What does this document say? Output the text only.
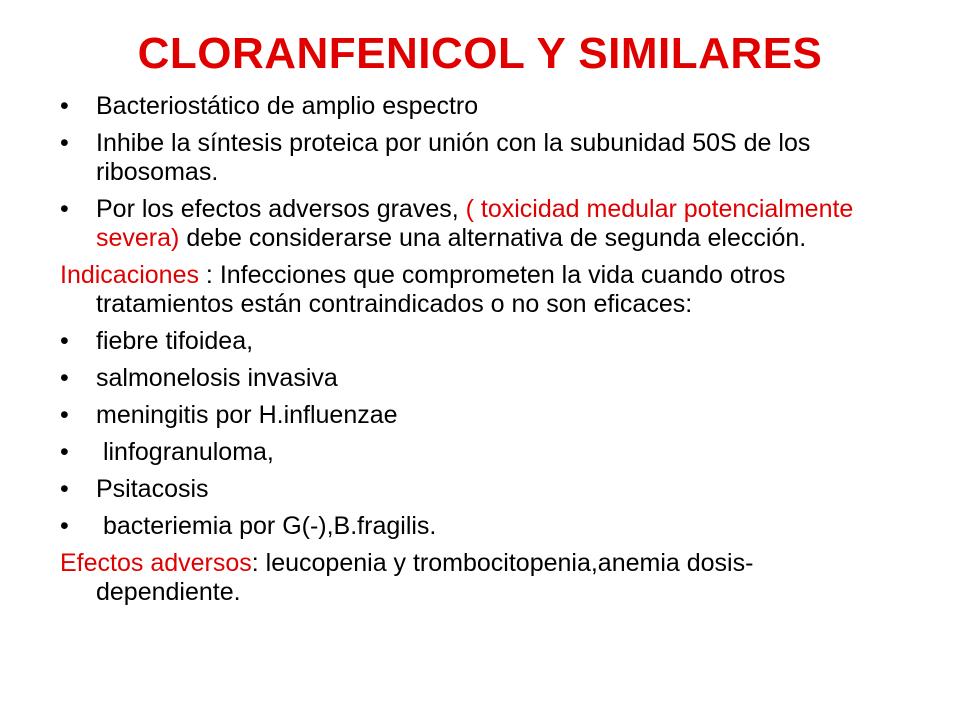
CLORANFENICOL Y SIMILARES
•	Bacteriostático de amplio espectro
•	Inhibe la síntesis proteica por unión con la subunidad 50S de los ribosomas.
•	Por los efectos adversos graves, ( toxicidad medular potencialmente severa) debe considerarse una alternativa de segunda elección.
Indicaciones : Infecciones que comprometen la vida cuando otros tratamientos están contraindicados o no son eficaces:
•	fiebre tifoidea,
•	salmonelosis invasiva
•	meningitis por H.influenzae
•	linfogranuloma,
•	Psitacosis
•	bacteriemia por G(-),B.fragilis.
Efectos adversos: leucopenia y trombocitopenia,anemia dosis-dependiente.
